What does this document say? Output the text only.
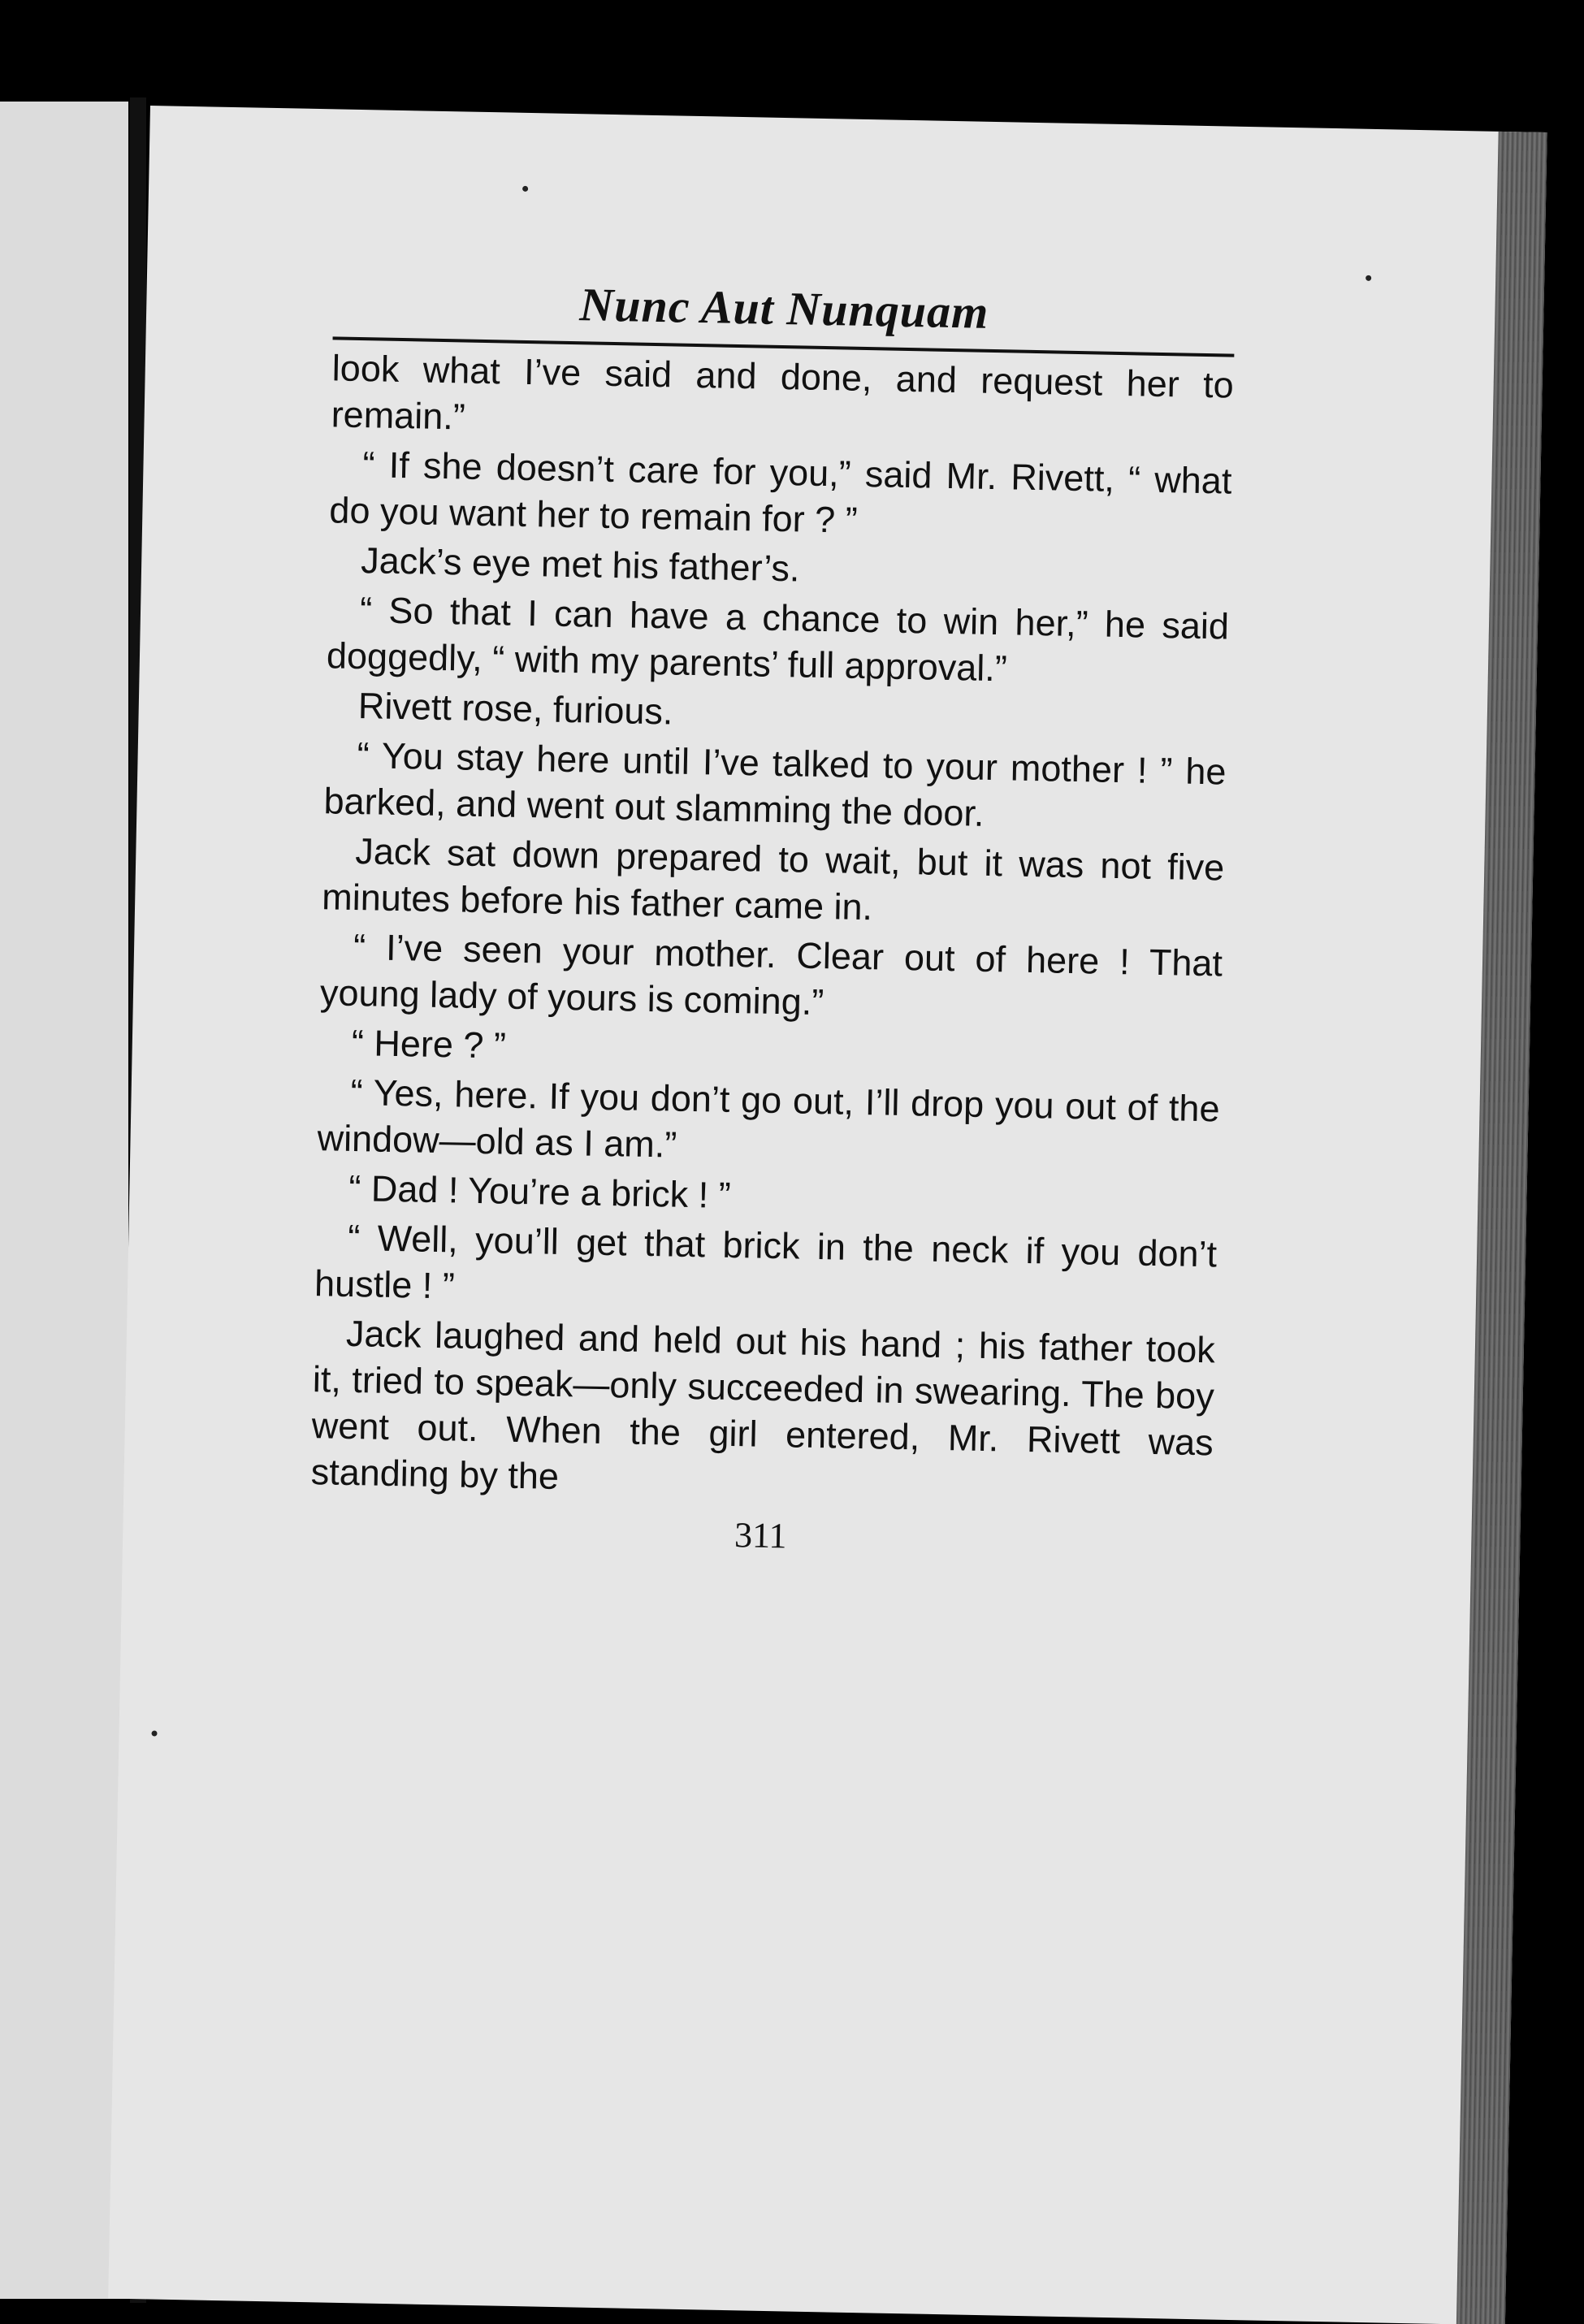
Nunc Aut Nunquam

look what I’ve said and done, and request her to remain.”

“ If she doesn’t care for you,” said Mr. Rivett, “ what do you want her to remain for ? ”

Jack’s eye met his father’s.

“ So that I can have a chance to win her,” he said doggedly, “ with my parents’ full approval.”

Rivett rose, furious.

“ You stay here until I’ve talked to your mother ! ” he barked, and went out slamming the door.

Jack sat down prepared to wait, but it was not five minutes before his father came in.

“ I’ve seen your mother. Clear out of here ! That young lady of yours is coming.”

“ Here ? ”

“ Yes, here. If you don’t go out, I’ll drop you out of the window—old as I am.”

“ Dad ! You’re a brick ! ”

“ Well, you’ll get that brick in the neck if you don’t hustle ! ”

Jack laughed and held out his hand ; his father took it, tried to speak—only succeeded in swearing. The boy went out. When the girl entered, Mr. Rivett was standing by the

311
